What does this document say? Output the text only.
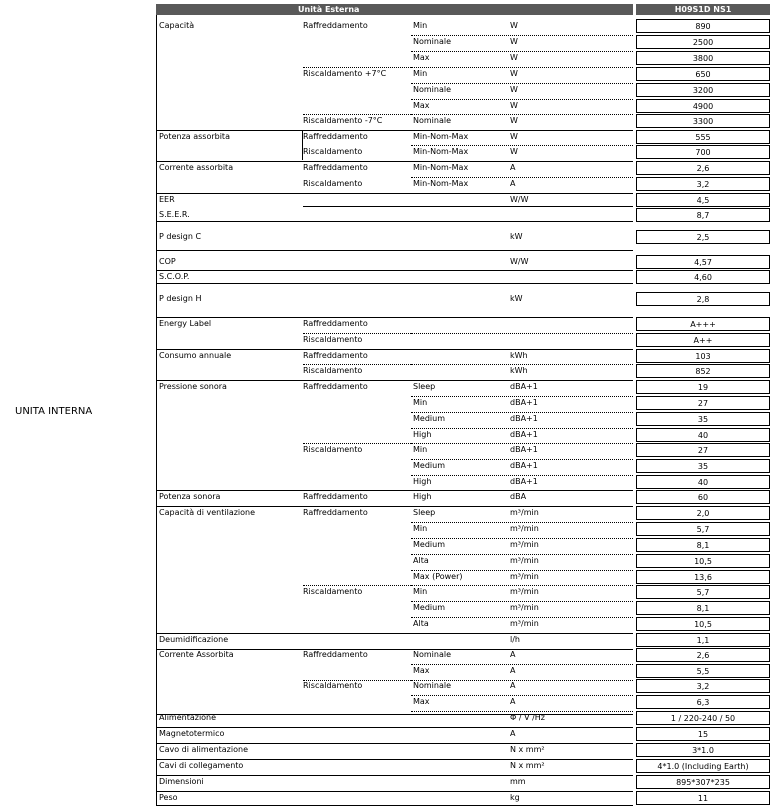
Unità Esterna	H09S1D NS1
UNITA INTERNA
Capacità	Raffreddamento	Min	W	890
Nominale	W	2500
Max	W	3800
Riscaldamento +7°C	Min	W	650
Nominale	W	3200
Max	W	4900
Riscaldamento -7°C	Nominale	W	3300
Potenza assorbita	Raffreddamento	Min-Nom-Max	W	555
Riscaldamento	Min-Nom-Max	W	700
Corrente assorbita	Raffreddamento	Min-Nom-Max	A	2,6
Riscaldamento	Min-Nom-Max	A	3,2
EER	W/W	4,5
S.E.E.R.	8,7
P design C	kW	2,5
COP	W/W	4,57
S.C.O.P.	4,60
P design H	kW	2,8
Energy Label	Raffreddamento	A+++
Riscaldamento	A++
Consumo annuale	Raffreddamento	kWh	103
Riscaldamento	kWh	852
Pressione sonora	Raffreddamento	Sleep	dBA+1	19
Min	dBA+1	27
Medium	dBA+1	35
High	dBA+1	40
Riscaldamento	Min	dBA+1	27
Medium	dBA+1	35
High	dBA+1	40
Potenza sonora	Raffreddamento	High	dBA	60
Capacità di ventilazione	Raffreddamento	Sleep	m³/min	2,0
Min	m³/min	5,7
Medium	m³/min	8,1
Alta	m³/min	10,5
Max (Power)	m³/min	13,6
Riscaldamento	Min	m³/min	5,7
Medium	m³/min	8,1
Alta	m³/min	10,5
Deumidificazione	l/h	1,1
Corrente Assorbita	Raffreddamento	Nominale	A	2,6
Max	A	5,5
Riscaldamento	Nominale	A	3,2
Max	A	6,3
Alimentazione	Φ / V /Hz	1 / 220-240 / 50
Magnetotermico	A	15
Cavo di alimentazione	N x mm²	3*1.0
Cavi di collegamento	N x mm²	4*1.0 (Including Earth)
Dimensioni	mm	895*307*235
Peso	kg	11
